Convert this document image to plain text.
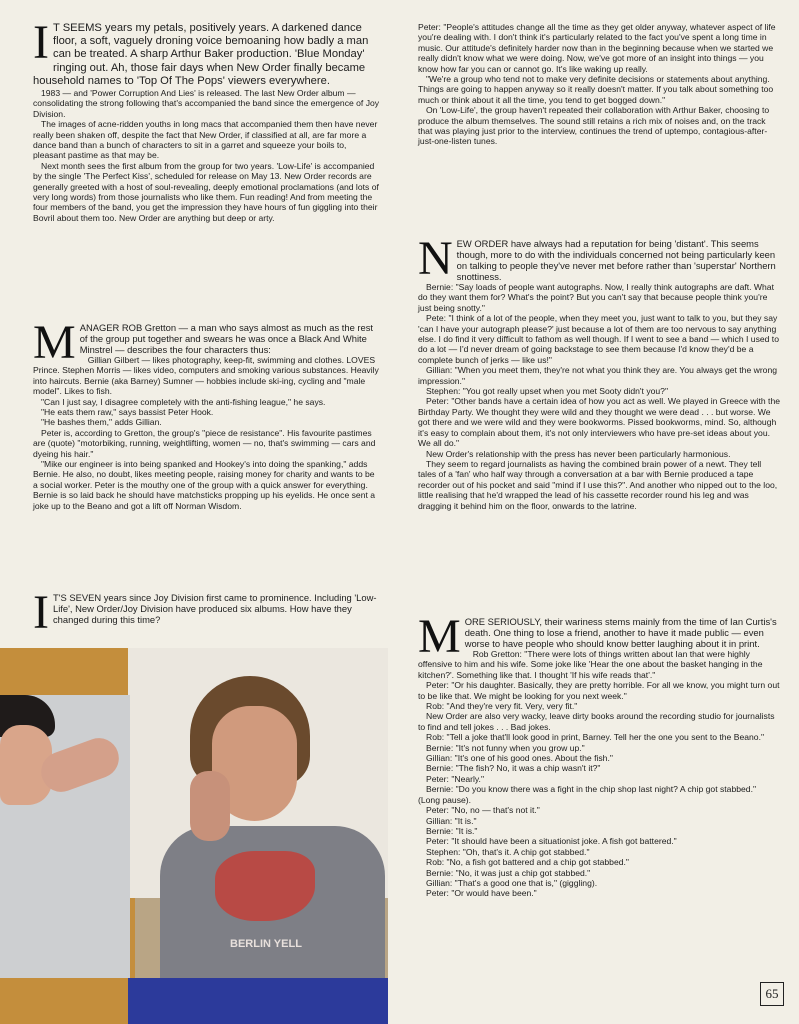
I T SEEMS years my petals, positively years. A darkened dance floor, a soft, vaguely droning voice bemoaning how badly a man can be treated. A sharp Arthur Baker production. 'Blue Monday' ringing out. Ah, those fair days when New Order finally became household names to 'Top Of The Pops' viewers everywhere.

1983 — and 'Power Corruption And Lies' is released. The last New Order album — consolidating the strong following that's accompanied the band since the emergence of Joy Division.

The images of acne-ridden youths in long macs that accompanied them then have never really been shaken off, despite the fact that New Order, if classified at all, are far more a dance band than a bunch of characters to sit in a garret and squeeze your boils to, pleasant pastime as that may be.

Next month sees the first album from the group for two years. 'Low-Life' is accompanied by the single 'The Perfect Kiss', scheduled for release on May 13. New Order records are generally greeted with a host of soul-revealing, deeply emotional proclamations (and lots of very long words) from those journalists who like them. Fun reading! And from meeting the four members of the band, you get the impression they have hours of fun giggling into their Bovril about them too. New Order are anything but deep or arty.

M ANAGER ROB Gretton — a man who says almost as much as the rest of the group put together and swears he was once a Black And White Minstrel — describes the four characters thus:

Gillian Gilbert — likes photography, keep-fit, swimming and clothes. LOVES Prince. Stephen Morris — likes video, computers and smoking various substances. Heavily into haircuts. Bernie (aka Barney) Sumner — hobbies include ski-ing, cycling and "male model". Likes to fish.

"Can I just say, I disagree completely with the anti-fishing league," he says.

"He eats them raw," says bassist Peter Hook.

"He bashes them," adds Gillian.

Peter is, according to Gretton, the group's "piece de resistance". His favourite pastimes are (quote) "motorbiking, running, weightlifting, women — no, that's swimming — cars and dyeing his hair."

"Mike our engineer is into being spanked and Hookey's into doing the spanking," adds Bernie. He also, no doubt, likes meeting people, raising money for charity and wants to be a social worker. Peter is the mouthy one of the group with a quick answer for everything. Bernie is so laid back he should have matchsticks propping up his eyelids. He once sent a joke up to the Beano and got a lift off Norman Wisdom.

I T'S SEVEN years since Joy Division first came to prominence. Including 'Low-Life', New Order/Joy Division have produced six albums. How have they changed during this time?

BERLIN YELL

Peter: "People's attitudes change all the time as they get older anyway, whatever aspect of life you're dealing with. I don't think it's particularly related to the fact you've spent a long time in music. Our attitude's definitely harder now than in the beginning because when we started we really didn't know what we were doing. Now, we've got more of an insight into things — you know how far you can or cannot go. It's like waking up really.

"We're a group who tend not to make very definite decisions or statements about anything. Things are going to happen anyway so it really doesn't matter. If you talk about something too much or think about it all the time, you tend to get bogged down."

On 'Low-Life', the group haven't repeated their collaboration with Arthur Baker, choosing to produce the album themselves. The sound still retains a rich mix of noises and, on the track that was playing just prior to the interview, continues the trend of uptempo, contagious-after-just-one-listen tunes.

N EW ORDER have always had a reputation for being 'distant'. This seems though, more to do with the individuals concerned not being particularly keen on talking to people they've never met before rather than 'superstar' Northern snottiness.

Bernie: "Say loads of people want autographs. Now, I really think autographs are daft. What do they want them for? What's the point? But you can't say that because people think you're just being snotty."

Pete: "I think of a lot of the people, when they meet you, just want to talk to you, but they say 'can I have your autograph please?' just because a lot of them are too nervous to say anything else. I do find it very difficult to fathom as well though. If I went to see a band — which I used to do a lot — I'd never dream of going backstage to see them because I'd know they'd be a complete bunch of jerks — like us!"

Gillian: "When you meet them, they're not what you think they are. You always get the wrong impression."

Stephen: "You got really upset when you met Sooty didn't you?"

Peter: "Other bands have a certain idea of how you act as well. We played in Greece with the Birthday Party. We thought they were wild and they thought we were dead . . . but worse. We got there and we were wild and they were bookworms. Pissed bookworms, mind. So, although it's easy to complain about them, it's not only interviewers who have pre-set ideas about you. We all do."

New Order's relationship with the press has never been particularly harmonious.

They seem to regard journalists as having the combined brain power of a newt. They tell tales of a 'fan' who half way through a conversation at a bar with Bernie produced a tape recorder out of his pocket and said "mind if I use this?". And another who nipped out to the loo, little realising that he'd wrapped the lead of his cassette recorder round his leg and was dragging it behind him on the floor, onwards to the latrine.

M ORE SERIOUSLY, their wariness stems mainly from the time of Ian Curtis's death. One thing to lose a friend, another to have it made public — even worse to have people who should know better laughing about it in print.

Rob Gretton: "There were lots of things written about Ian that were highly offensive to him and his wife. Some joke like 'Hear the one about the basket hanging in the kitchen?'. Something like that. I thought 'If his wife reads that'."

Peter: "Or his daughter. Basically, they are pretty horrible. For all we know, you might turn out to be like that. We might be looking for you next week."

Rob: "And they're very fit. Very, very fit."

New Order are also very wacky, leave dirty books around the recording studio for journalists to find and tell jokes . . . Bad jokes.

Rob: "Tell a joke that'll look good in print, Barney. Tell her the one you sent to the Beano."

Bernie: "It's not funny when you grow up."

Gillian: "It's one of his good ones. About the fish."

Bernie: "The fish? No, it was a chip wasn't it?"

Peter: "Nearly."

Bernie: "Do you know there was a fight in the chip shop last night? A chip got stabbed." (Long pause).

Peter: "No, no — that's not it."

Gillian: "It is."

Bernie: "It is."

Peter: "It should have been a situationist joke. A fish got battered."

Stephen: "Oh, that's it. A chip got stabbed."

Rob: "No, a fish got battered and a chip got stabbed."

Bernie: "No, it was just a chip got stabbed."

Gillian: "That's a good one that is," (giggling).

Peter: "Or would have been."

65
